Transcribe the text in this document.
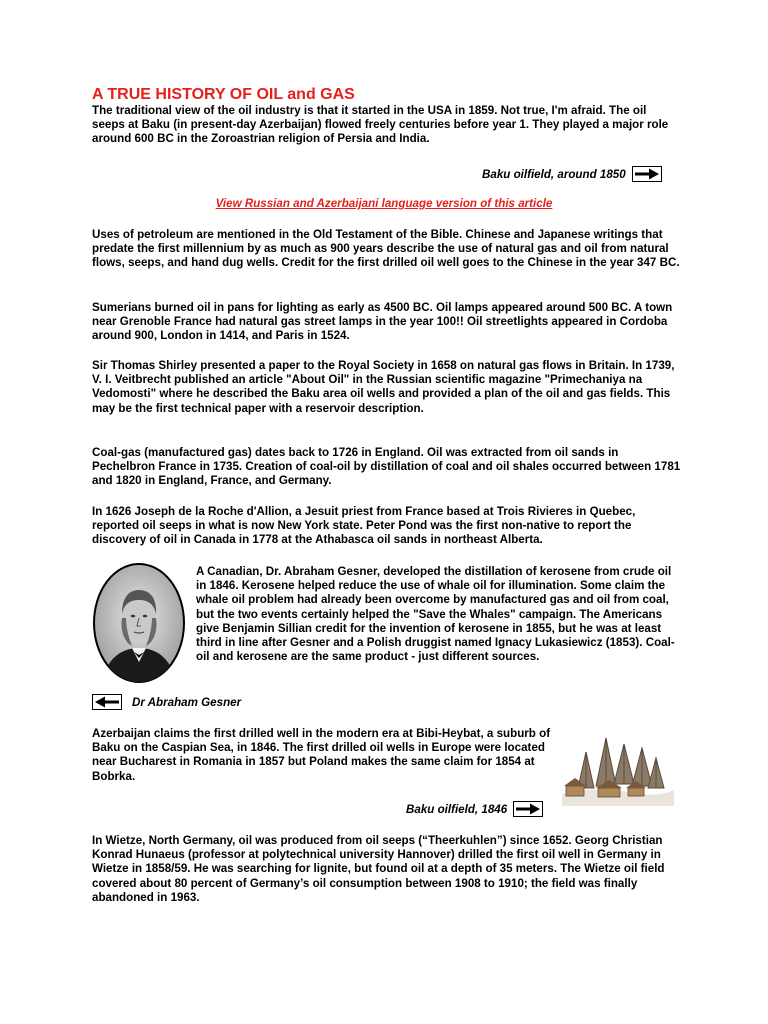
A TRUE HISTORY OF OIL and GAS

The traditional view of the oil industry is that it started in the USA in 1859. Not true, I'm afraid. The oil seeps at Baku (in present-day Azerbaijan) flowed freely centuries before year 1. They played a major role around 600 BC in the Zoroastrian religion of Persia and India.

Baku oilfield, around 1850
View Russian and Azerbaijani language version of this article

Uses of petroleum are mentioned in the Old Testament of the Bible. Chinese and Japanese writings that predate the first millennium by as much as 900 years describe the use of natural gas and oil from natural flows, seeps, and hand dug wells. Credit for the first drilled oil well goes to the Chinese in the year 347 BC.

Sumerians burned oil in pans for lighting as early as 4500 BC. Oil lamps appeared around 500 BC. A town near Grenoble France had natural gas street lamps in the year 100!! Oil streetlights appeared in Cordoba around 900, London in 1414, and Paris in 1524.

Sir Thomas Shirley presented a paper to the Royal Society in 1658 on natural gas flows in Britain. In 1739, V. I. Veitbrecht published an article "About Oil" in the Russian scientific magazine "Primechaniya na Vedomosti" where he described the Baku area oil wells and provided a plan of the oil and gas fields. This may be the first technical paper with a reservoir description.

Coal-gas (manufactured gas) dates back to 1726 in England. Oil was extracted from oil sands in Pechelbron France in 1735. Creation of coal-oil by distillation of coal and oil shales occurred between 1781 and 1820 in England, France, and Germany.

In 1626 Joseph de la Roche d'Allion, a Jesuit priest from France based at Trois Rivieres in Quebec, reported oil seeps in what is now New York state. Peter Pond was the first non-native to report the discovery of oil in Canada in 1778 at the Athabasca oil sands in northeast Alberta.

A Canadian, Dr. Abraham Gesner, developed the distillation of kerosene from crude oil in 1846. Kerosene helped reduce the use of whale oil for illumination. Some claim the whale oil problem had already been overcome by manufactured gas and oil from coal, but the two events certainly helped the "Save the Whales" campaign. The Americans give Benjamin Sillian credit for the invention of kerosene in 1855, but he was at least third in line after Gesner and a Polish druggist named Ignacy Lukasiewicz (1853). Coal-oil and kerosene are the same product - just different sources.

Dr Abraham Gesner

Azerbaijan claims the first drilled well in the modern era at Bibi-Heybat, a suburb of Baku on the Caspian Sea, in 1846. The first drilled oil wells in Europe were located near Bucharest in Romania in 1857 but Poland makes the same claim for 1854 at Bobrka.

Baku oilfield, 1846

In Wietze, North Germany, oil was produced from oil seeps (“Theerkuhlen”) since 1652. Georg Christian Konrad Hunaeus (professor at polytechnical university Hannover) drilled the first oil well in Germany in Wietze in 1858/59. He was searching for lignite, but found oil at a depth of 35 meters. The Wietze oil field covered about 80 percent of Germany’s oil consumption between 1908 to 1910; the field was finally abandoned in 1963.
